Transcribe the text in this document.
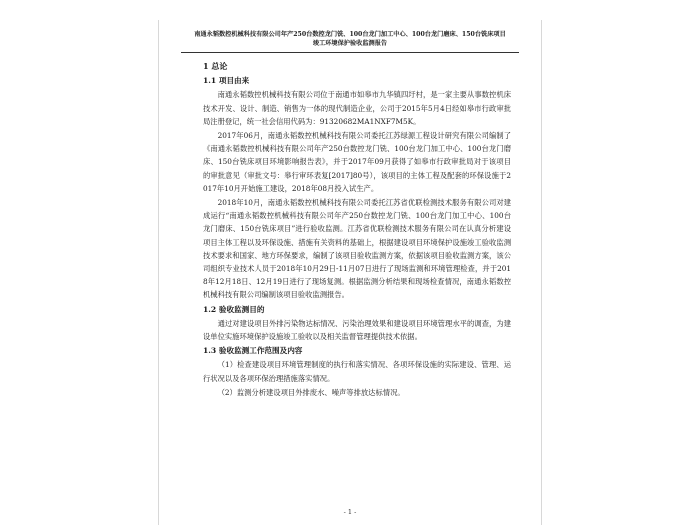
南通永韬数控机械科技有限公司年产250台数控龙门铣、100台龙门加工中心、100台龙门磨床、150台铣床项目
竣工环境保护验收监测报告
1 总论
1.1 项目由来
南通永韬数控机械科技有限公司位于南通市如皋市九华镇四圩村，是一家主要从事数控机床技术开发、设计、制造、销售为一体的现代制造企业，公司于2015年5月4日经如皋市行政审批局注册登记，统一社会信用代码为：91320682MA1NXF7M5K。
2017年06月，南通永韬数控机械科技有限公司委托江苏绿源工程设计研究有限公司编制了《南通永韬数控机械科技有限公司年产250台数控龙门铣、100台龙门加工中心、100台龙门磨床、150台铣床项目环境影响报告表》，并于2017年09月获得了如皋市行政审批局对于该项目的审批意见（审批文号：皋行审环表复[2017]80号），该项目的主体工程及配套的环保设施于2017年10月开始施工建设，2018年08月投入试生产。
2018年10月，南通永韬数控机械科技有限公司委托江苏省优联检测技术服务有限公司对建成运行“南通永韬数控机械科技有限公司年产250台数控龙门铣、100台龙门加工中心、100台龙门磨床、150台铣床项目”进行验收监测。江苏省优联检测技术服务有限公司在认真分析建设项目主体工程以及环保设施、措施有关资料的基础上，根据建设项目环境保护设施竣工验收监测技术要求和国家、地方环保要求，编制了该项目验收监测方案，依据该项目验收监测方案，该公司组织专业技术人员于2018年10月29日-11月07日进行了现场监测和环境管理检查，并于2018年12月18日、12月19日进行了现场复测。根据监测分析结果和现场检查情况，南通永韬数控机械科技有限公司编制该项目验收监测报告。
1.2 验收监测目的
通过对建设项目外排污染物达标情况、污染治理效果和建设项目环境管理水平的调查，为建设单位实施环境保护设施竣工验收以及相关监督管理提供技术依据。
1.3 验收监测工作范围及内容
（1）检查建设项目环境管理制度的执行和落实情况、各项环保设施的实际建设、管理、运行状况以及各项环保治理措施落实情况。
（2）监测分析建设项目外排废水、噪声等排放达标情况。
- 1 -
